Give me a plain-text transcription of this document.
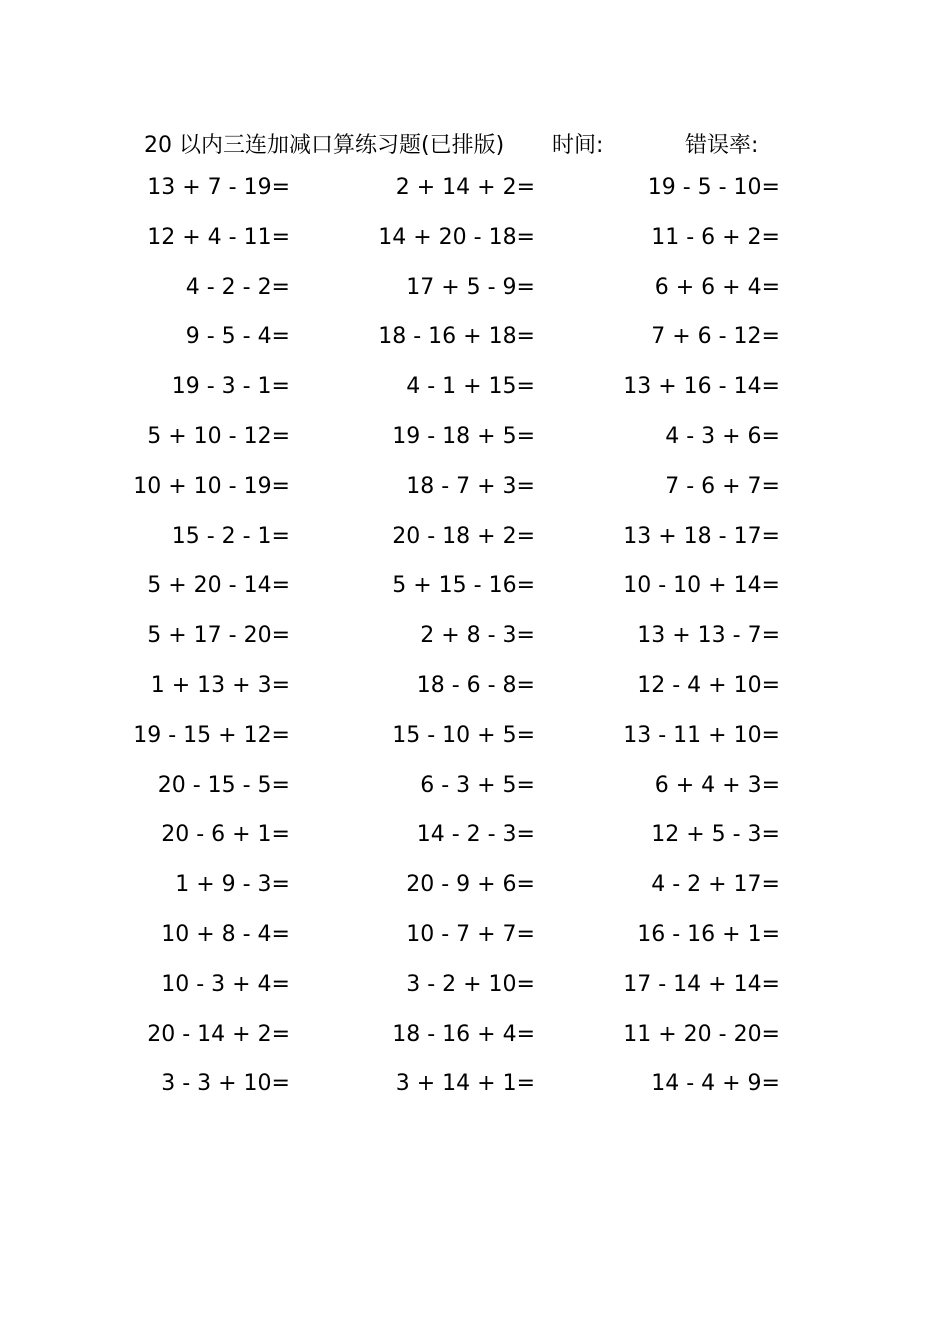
20 以内三连加减口算练习题(已排版) 时间:	错误率:
13 + 7 - 19=	2 + 14 + 2=	19 - 5 - 10=
12 + 4 - 11=	14 + 20 - 18=	11 - 6 + 2=
4 - 2 - 2=	17 + 5 - 9=	6 + 6 + 4=
9 - 5 - 4=	18 - 16 + 18=	7 + 6 - 12=
19 - 3 - 1=	4 - 1 + 15=	13 + 16 - 14=
5 + 10 - 12=	19 - 18 + 5=	4 - 3 + 6=
10 + 10 - 19=	18 - 7 + 3=	7 - 6 + 7=
15 - 2 - 1=	20 - 18 + 2=	13 + 18 - 17=
5 + 20 - 14=	5 + 15 - 16=	10 - 10 + 14=
5 + 17 - 20=	2 + 8 - 3=	13 + 13 - 7=
1 + 13 + 3=	18 - 6 - 8=	12 - 4 + 10=
19 - 15 + 12=	15 - 10 + 5=	13 - 11 + 10=
20 - 15 - 5=	6 - 3 + 5=	6 + 4 + 3=
20 - 6 + 1=	14 - 2 - 3=	12 + 5 - 3=
1 + 9 - 3=	20 - 9 + 6=	4 - 2 + 17=
10 + 8 - 4=	10 - 7 + 7=	16 - 16 + 1=
10 - 3 + 4=	3 - 2 + 10=	17 - 14 + 14=
20 - 14 + 2=	18 - 16 + 4=	11 + 20 - 20=
3 - 3 + 10=	3 + 14 + 1=	14 - 4 + 9=
